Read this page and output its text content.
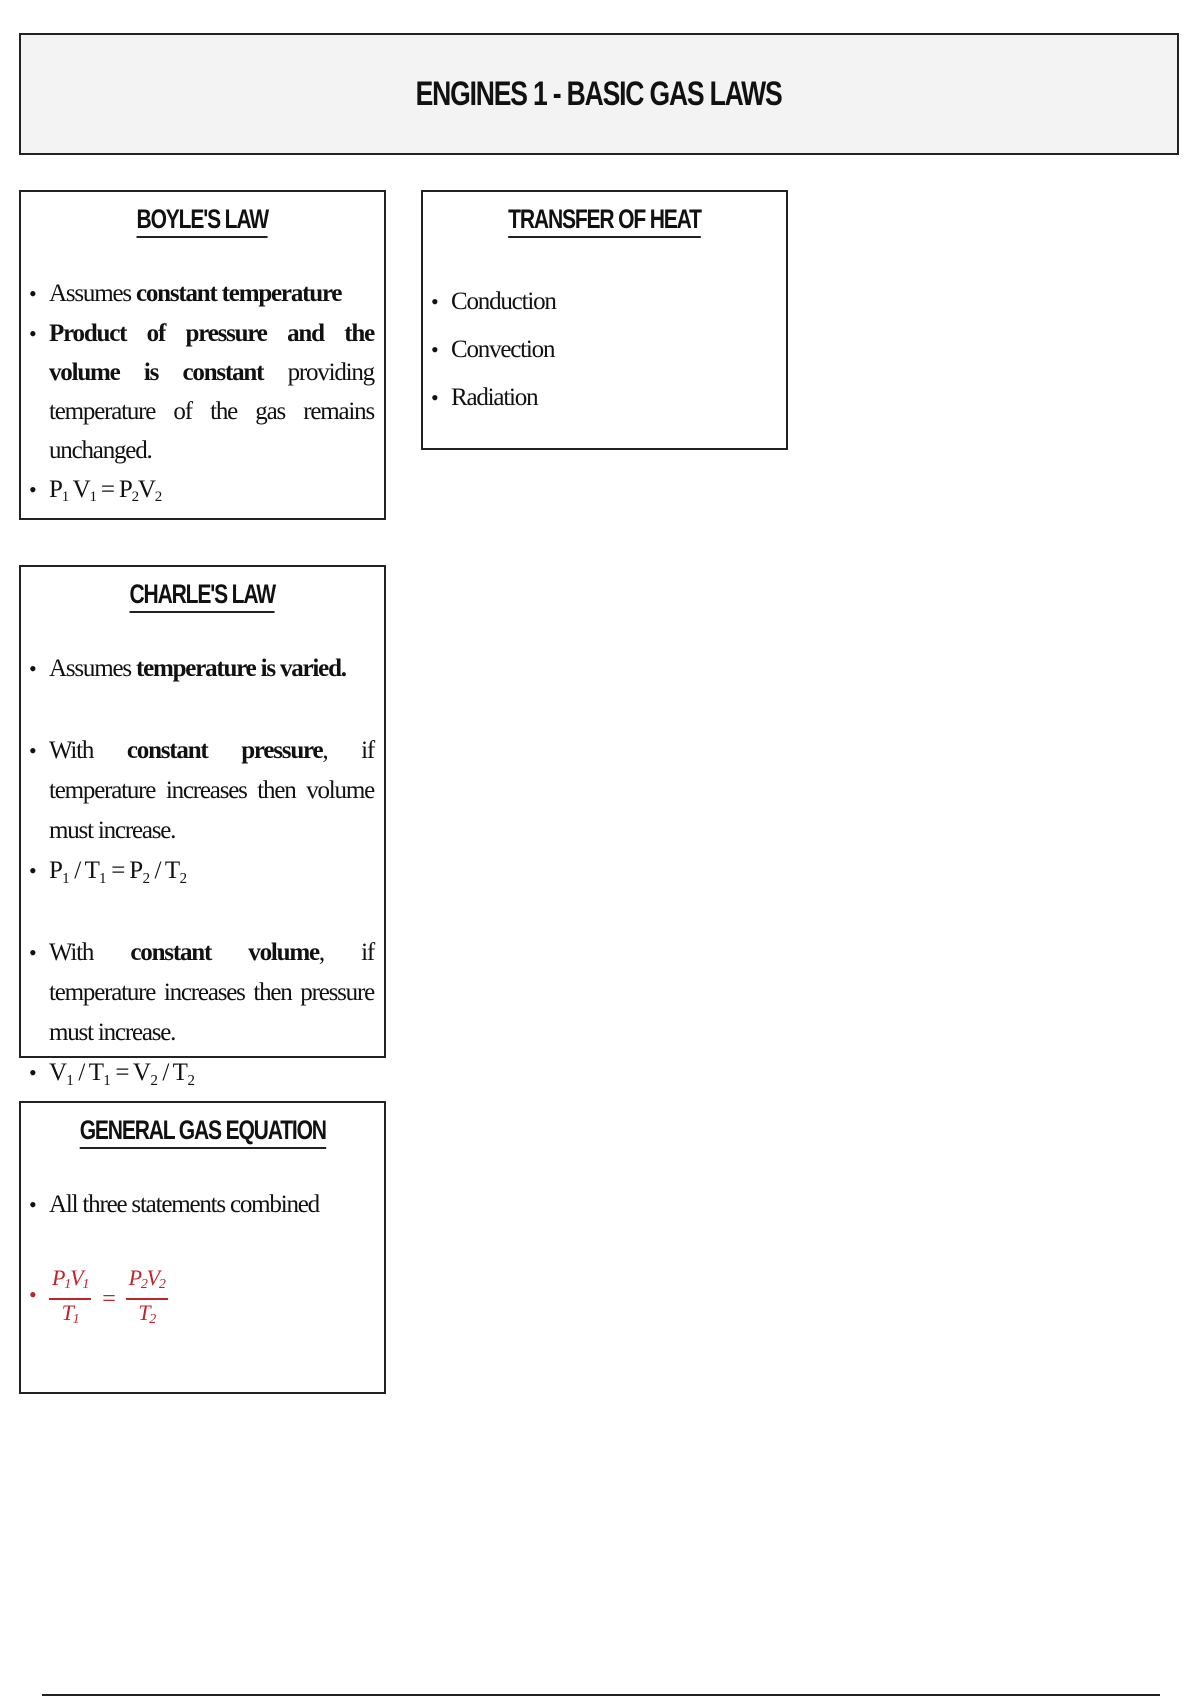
ENGINES 1 - BASIC GAS LAWS
BOYLE'S LAW
• Assumes constant temperature
• Product of pressure and the volume is constant providing temperature of the gas remains unchanged.
• $P_1$ $V_1 = P_2V_2$
TRANSFER OF HEAT
• Conduction
• Convection
• Radiation
CHARLE'S LAW
• Assumes temperature is varied.
• With constant pressure, if temperature increases then volume must increase.
• P₁ / T₁ = P₂ / T₂
• With constant volume, if temperature increases then pressure must increase.
• V₁ / T₁ = V₂ / T₂
GENERAL GAS EQUATION
• All three statements combined
• $\frac{P1V1}{T1} = \frac{P2V2}{T2}$
